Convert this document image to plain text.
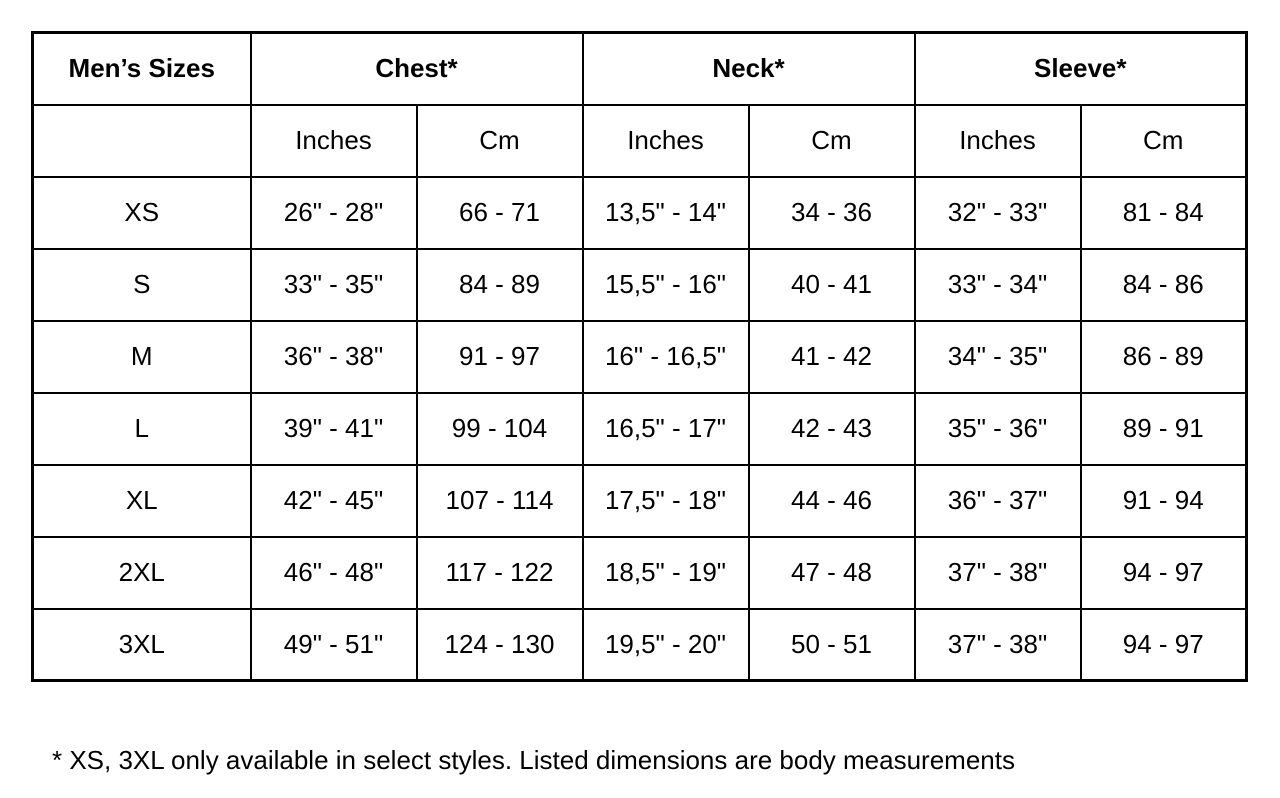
Men’s Sizes	Chest*		Neck*		Sleeve*	
	Inches	Cm	Inches	Cm	Inches	Cm
XS	26" - 28"	66 - 71	13,5" - 14"	34 - 36	32" - 33"	81 - 84
S	33" - 35"	84 - 89	15,5" - 16"	40 - 41	33" - 34"	84 - 86
M	36" - 38"	91 - 97	16" - 16,5"	41 - 42	34" - 35"	86 - 89
L	39" - 41"	99 - 104	16,5" - 17"	42 - 43	35" - 36"	89 - 91
XL	42" - 45"	107 - 114	17,5" - 18"	44 - 46	36" - 37"	91 - 94
2XL	46" - 48"	117 - 122	18,5" - 19"	47 - 48	37" - 38"	94 - 97
3XL	49" - 51"	124 - 130	19,5" - 20"	50 - 51	37" - 38"	94 - 97
* XS, 3XL only available in select styles. Listed dimensions are body measurements
